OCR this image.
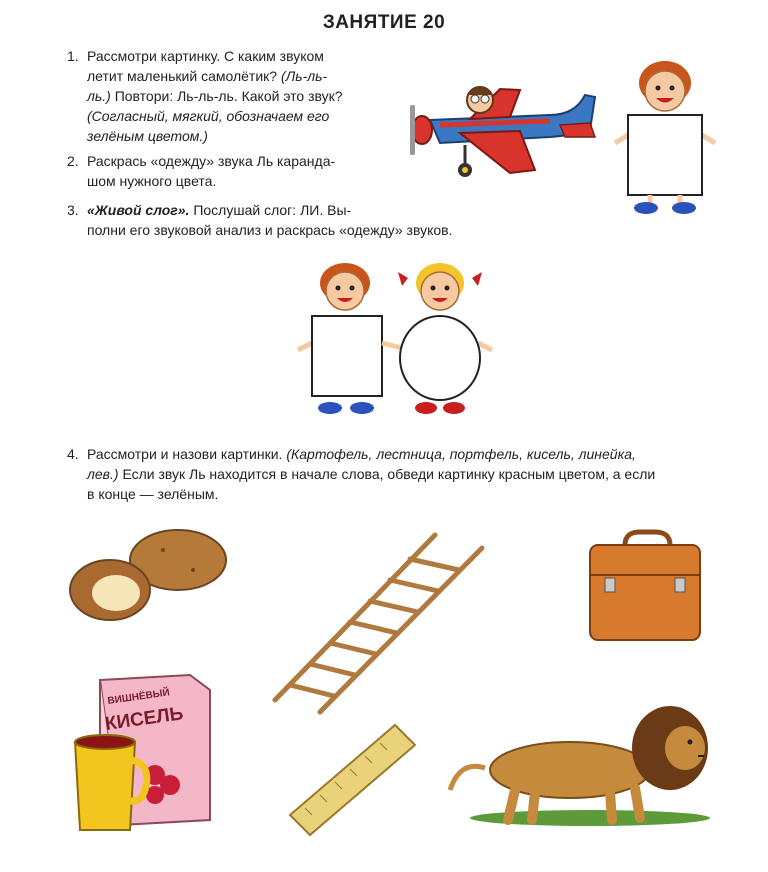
ЗАНЯТИЕ 20
1. Рассмотри картинку. С каким звуком
летит маленький самолётик? (Ль-ль-
ль.) Повтори: Ль-ль-ль. Какой это звук?
(Согласный, мягкий, обозначаем его
зелёным цветом.)
2. Раскрась «одежду» звука Ль каранда-
шом нужного цвета.
3. «Живой слог». Послушай слог: ЛИ. Вы-
полни его звуковой анализ и раскрась «одежду» звуков.
4. Рассмотри и назови картинки. (Картофель, лестница, портфель, кисель, линейка,
лев.) Если звук Ль находится в начале слова, обведи картинку красным цветом, а если
в конце — зелёным.
ВИШНЁВЫЙ
КИСЕЛЬ
